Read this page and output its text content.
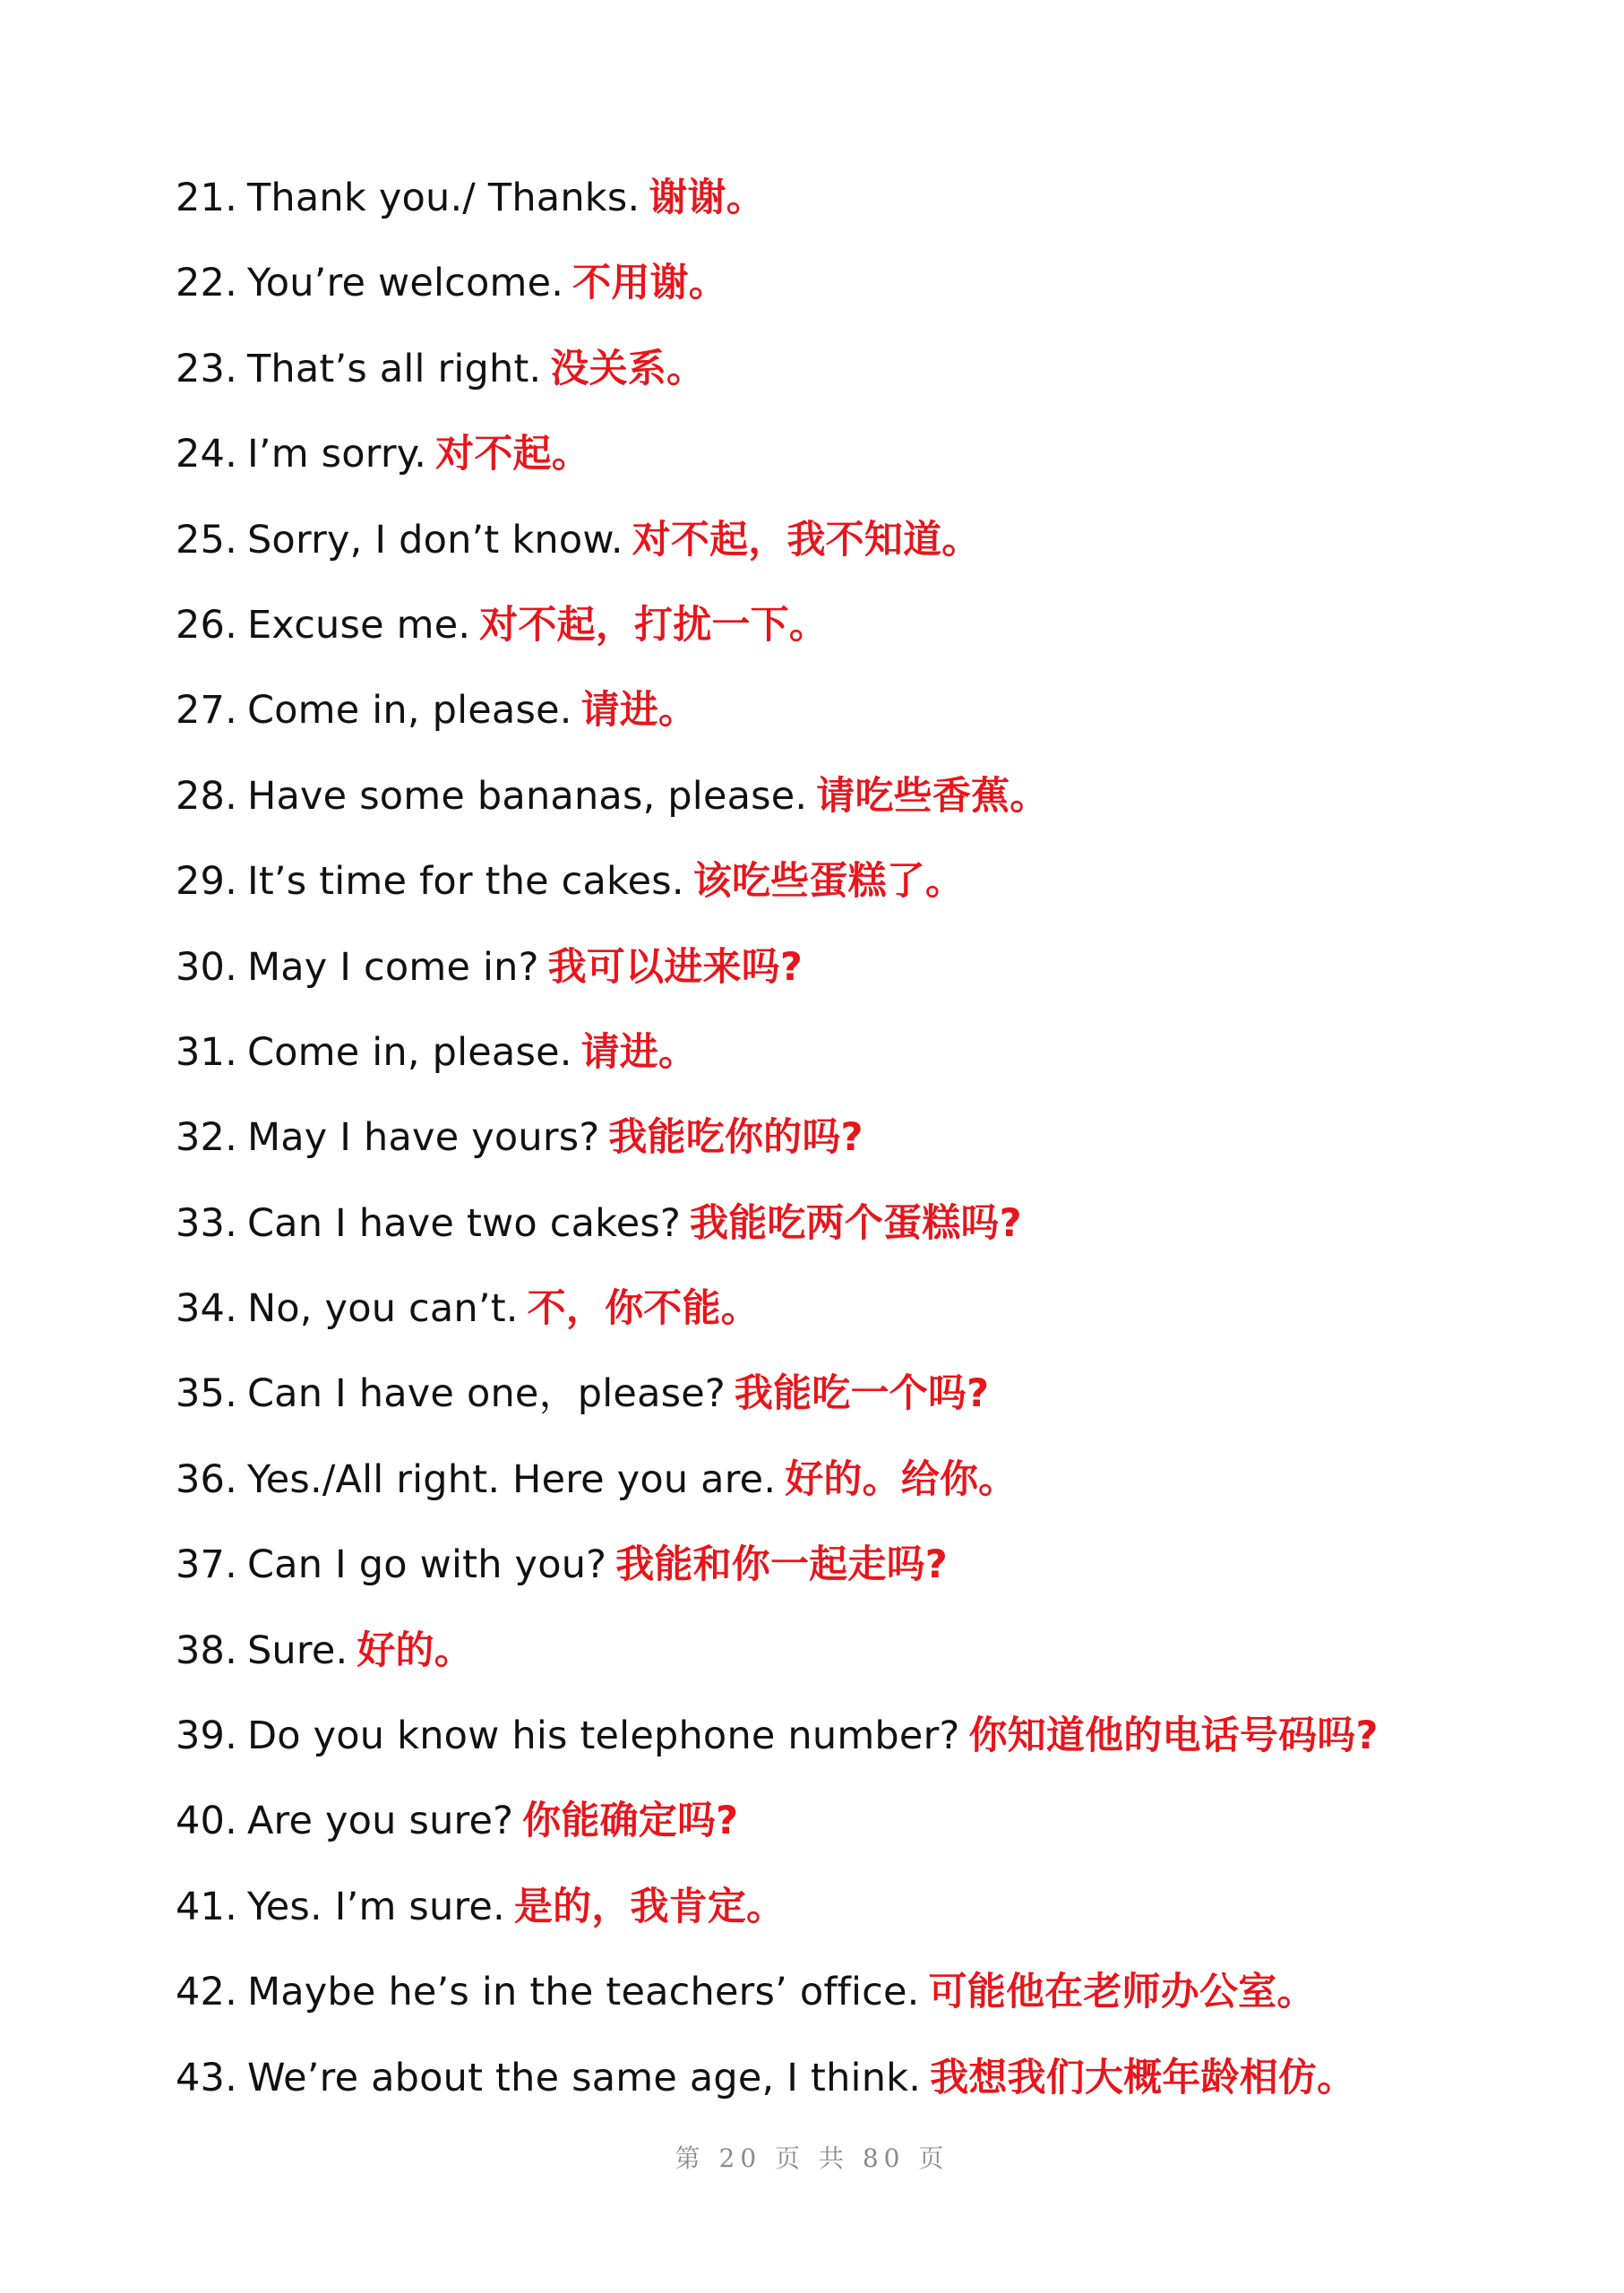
21. Thank you./ Thanks. 谢谢。
22. You’re welcome. 不用谢。
23. That’s all right. 没关系。
24. I’m sorry. 对不起。
25. Sorry, I don’t know. 对不起，我不知道。
26. Excuse me. 对不起，打扰一下。
27. Come in, please. 请进。
28. Have some bananas, please. 请吃些香蕉。
29. It’s time for the cakes. 该吃些蛋糕了。
30. May I come in? 我可以进来吗?
31. Come in, please. 请进。
32. May I have yours? 我能吃你的吗?
33. Can I have two cakes? 我能吃两个蛋糕吗?
34. No, you can’t. 不，你不能。
35. Can I have one，please? 我能吃一个吗?
36. Yes./All right. Here you are. 好的。给你。
37. Can I go with you? 我能和你一起走吗?
38. Sure. 好的。
39. Do you know his telephone number? 你知道他的电话号码吗?
40. Are you sure? 你能确定吗?
41. Yes. I’m sure. 是的，我肯定。
42. Maybe he’s in the teachers’ office. 可能他在老师办公室。
43. We’re about the same age, I think. 我想我们大概年龄相仿。
第 20 页 共 80 页
